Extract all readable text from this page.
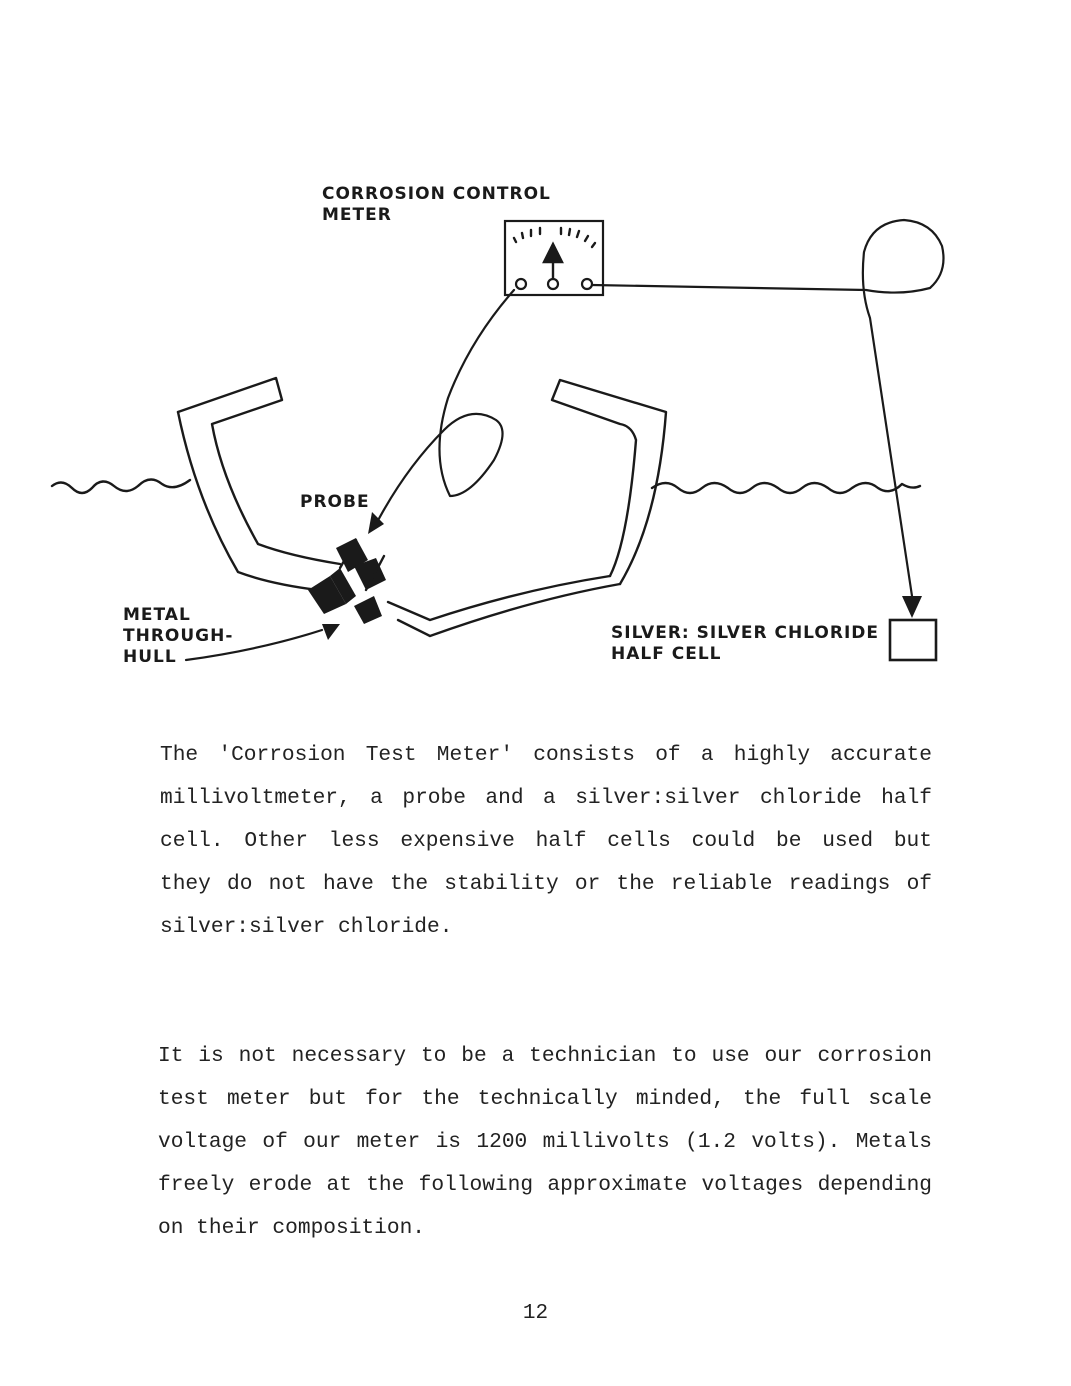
CORROSION CONTROL
METER
PROBE
METAL
THROUGH-
HULL
SILVER: SILVER CHLORIDE
HALF CELL
The 'Corrosion Test Meter' consists of a highly accurate
millivoltmeter, a probe and a silver:silver chloride half
cell. Other less expensive half cells could be used but
they do not have the stability or the reliable readings of
silver:silver chloride.
It is not necessary to be a technician to use our corrosion
test meter but for the technically minded, the full scale
voltage of our meter is 1200 millivolts (1.2 volts). Metals
freely erode at the following approximate voltages depending
on their composition.
12
